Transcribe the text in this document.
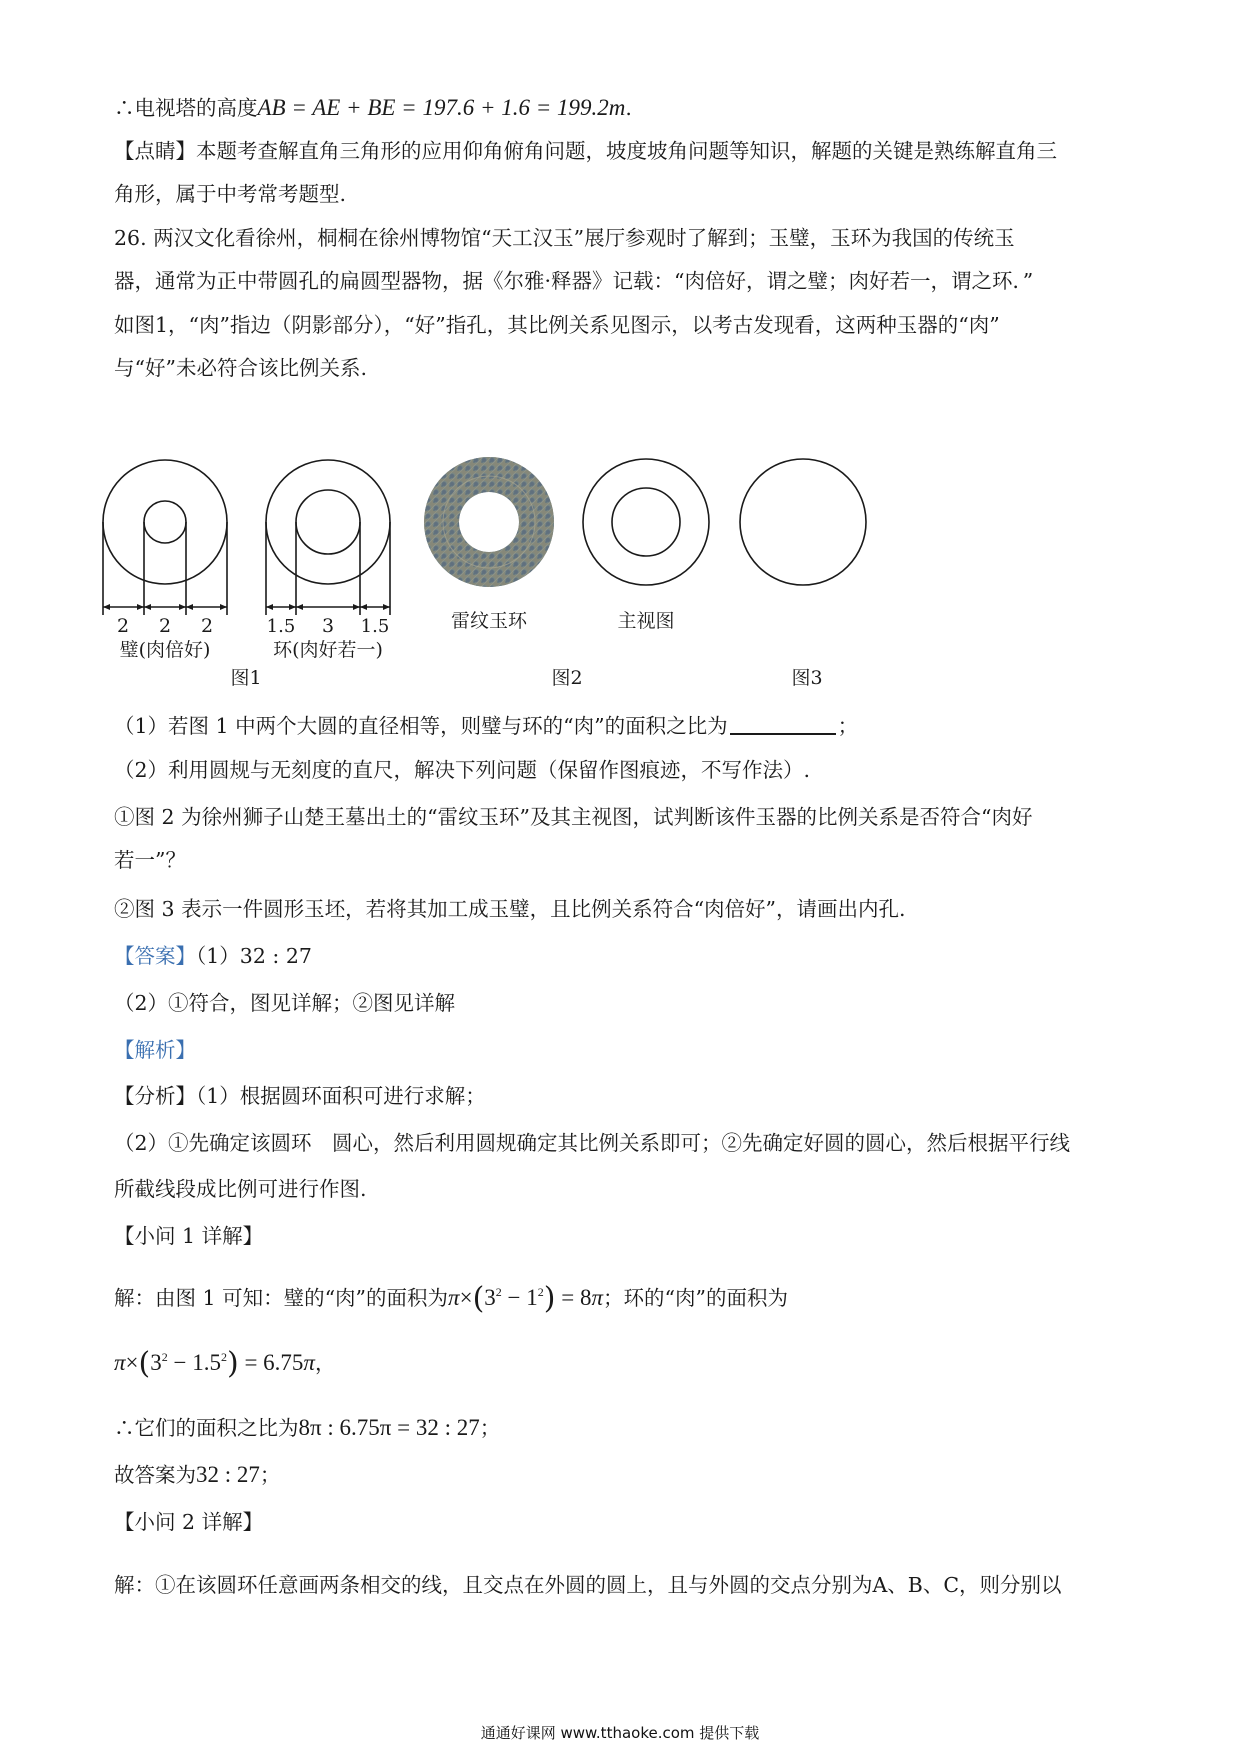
∴电视塔的高度AB = AE + BE = 197.6 + 1.6 = 199.2m.
【点睛】本题考查解直角三角形的应用仰角俯角问题，坡度坡角问题等知识，解题的关键是熟练解直角三
角形，属于中考常考题型.
26. 两汉文化看徐州，桐桐在徐州博物馆“天工汉玉”展厅参观时了解到；玉璧，玉环为我国的传统玉
器，通常为正中带圆孔的扁圆型器物，据《尔雅·释器》记载：“肉倍好，谓之璧；肉好若一，谓之环．”
如图1，“肉”指边（阴影部分），“好”指孔，其比例关系见图示，以考古发现看，这两种玉器的“肉”
与“好”未必符合该比例关系.
2 2 2
璧(肉倍好)
1.5 3 1.5
环(肉好若一)
图1
雷纹玉环	主视图
图2	图3
（1）若图 1 中两个大圆的直径相等，则璧与环的“肉”的面积之比为	；
（2）利用圆规与无刻度的直尺，解决下列问题（保留作图痕迹，不写作法）.
①图 2 为徐州狮子山楚王墓出土的“雷纹玉环”及其主视图，试判断该件玉器的比例关系是否符合“肉好
若一”？
②图 3 表示一件圆形玉坯，若将其加工成玉璧，且比例关系符合“肉倍好”，请画出内孔.
【答案】（1）32 : 27
（2）①符合，图见详解；②图见详解
【解析】
【分析】（1）根据圆环面积可进行求解；
（2）①先确定该圆环　圆心，然后利用圆规确定其比例关系即可；②先确定好圆的圆心，然后根据平行线
所截线段成比例可进行作图.
【小问 1 详解】
解：由图 1 可知：璧的“肉”的面积为$\pi\times(3^2 - 1^2) = 8\pi$；环的“肉”的面积为
$\pi\times(3^2 - 1.5^2) = 6.75\pi$，
∴它们的面积之比为8π : 6.75π = 32 : 27；
故答案为32 : 27；
【小问 2 详解】
解：①在该圆环任意画两条相交的线，且交点在外圆的圆上，且与外圆的交点分别为A、B、C，则分别以
通通好课网 www.tthaoke.com 提供下载
